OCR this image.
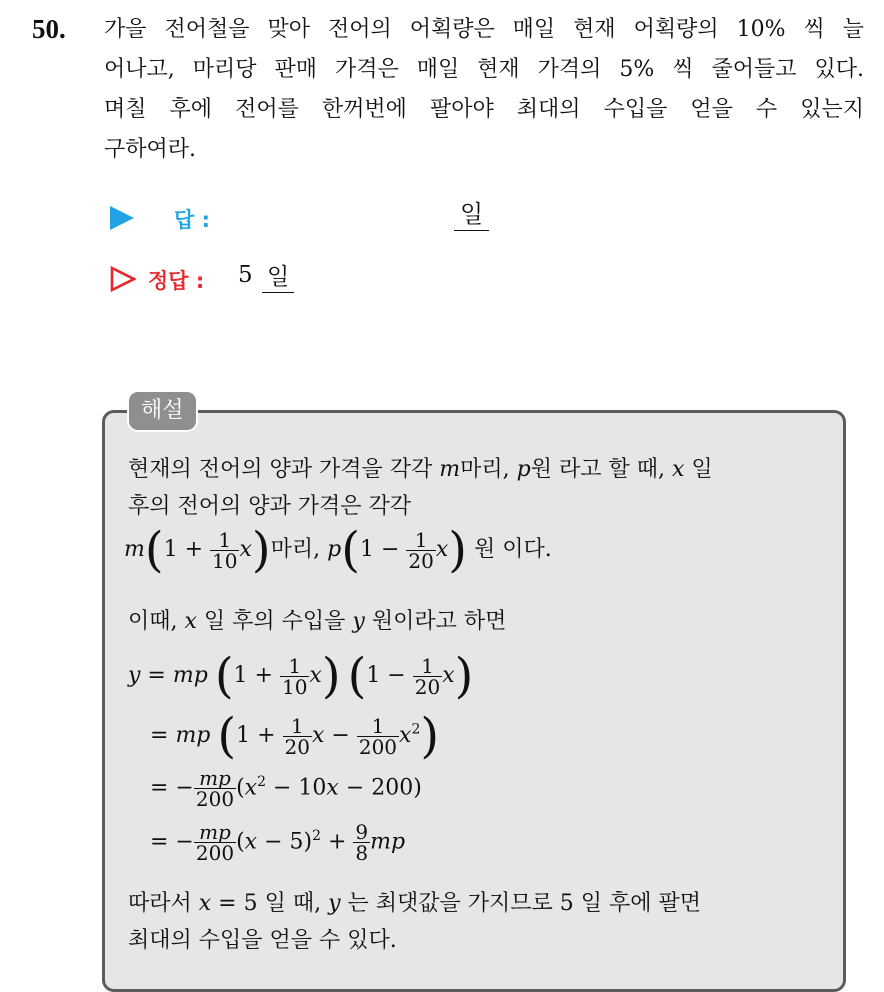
50. 가을 전어철을 맞아 전어의 어획량은 매일 현재 어획량의 10% 씩 늘
어나고, 마리당 판매 가격은 매일 현재 가격의 5% 씩 줄어들고 있다.
며칠 후에 전어를 한꺼번에 팔아야 최대의 수입을 얻을 수 있는지
구하여라.
답 :	일
정답 : 5 일
해설
현재의 전어의 양과 가격을 각각 m마리, p원 라고 할 때, x 일
후의 전어의 양과 가격은 각각
$m(1 + \frac{1}{10} x)$마리, $p(1 - \frac{1}{20} x)$ 원 이다.
이때, x 일 후의 수입을 y 원이라고 하면
y = mp $(1 + \frac{1}{10} x)$ $(1 - \frac{1}{20} x)$
= mp ($1 + \frac{1}{20}$ $x - \frac{1}{200} x^2$)
= − $\frac{mp}{200} (x^2 - 10x - 200)$
= − $\frac{mp}{200} (x - 5)^2 + \frac{9}{8}$ mp
따라서 x = 5 일 때, y 는 최댓값을 가지므로 5 일 후에 팔면
최대의 수입을 얻을 수 있다.
